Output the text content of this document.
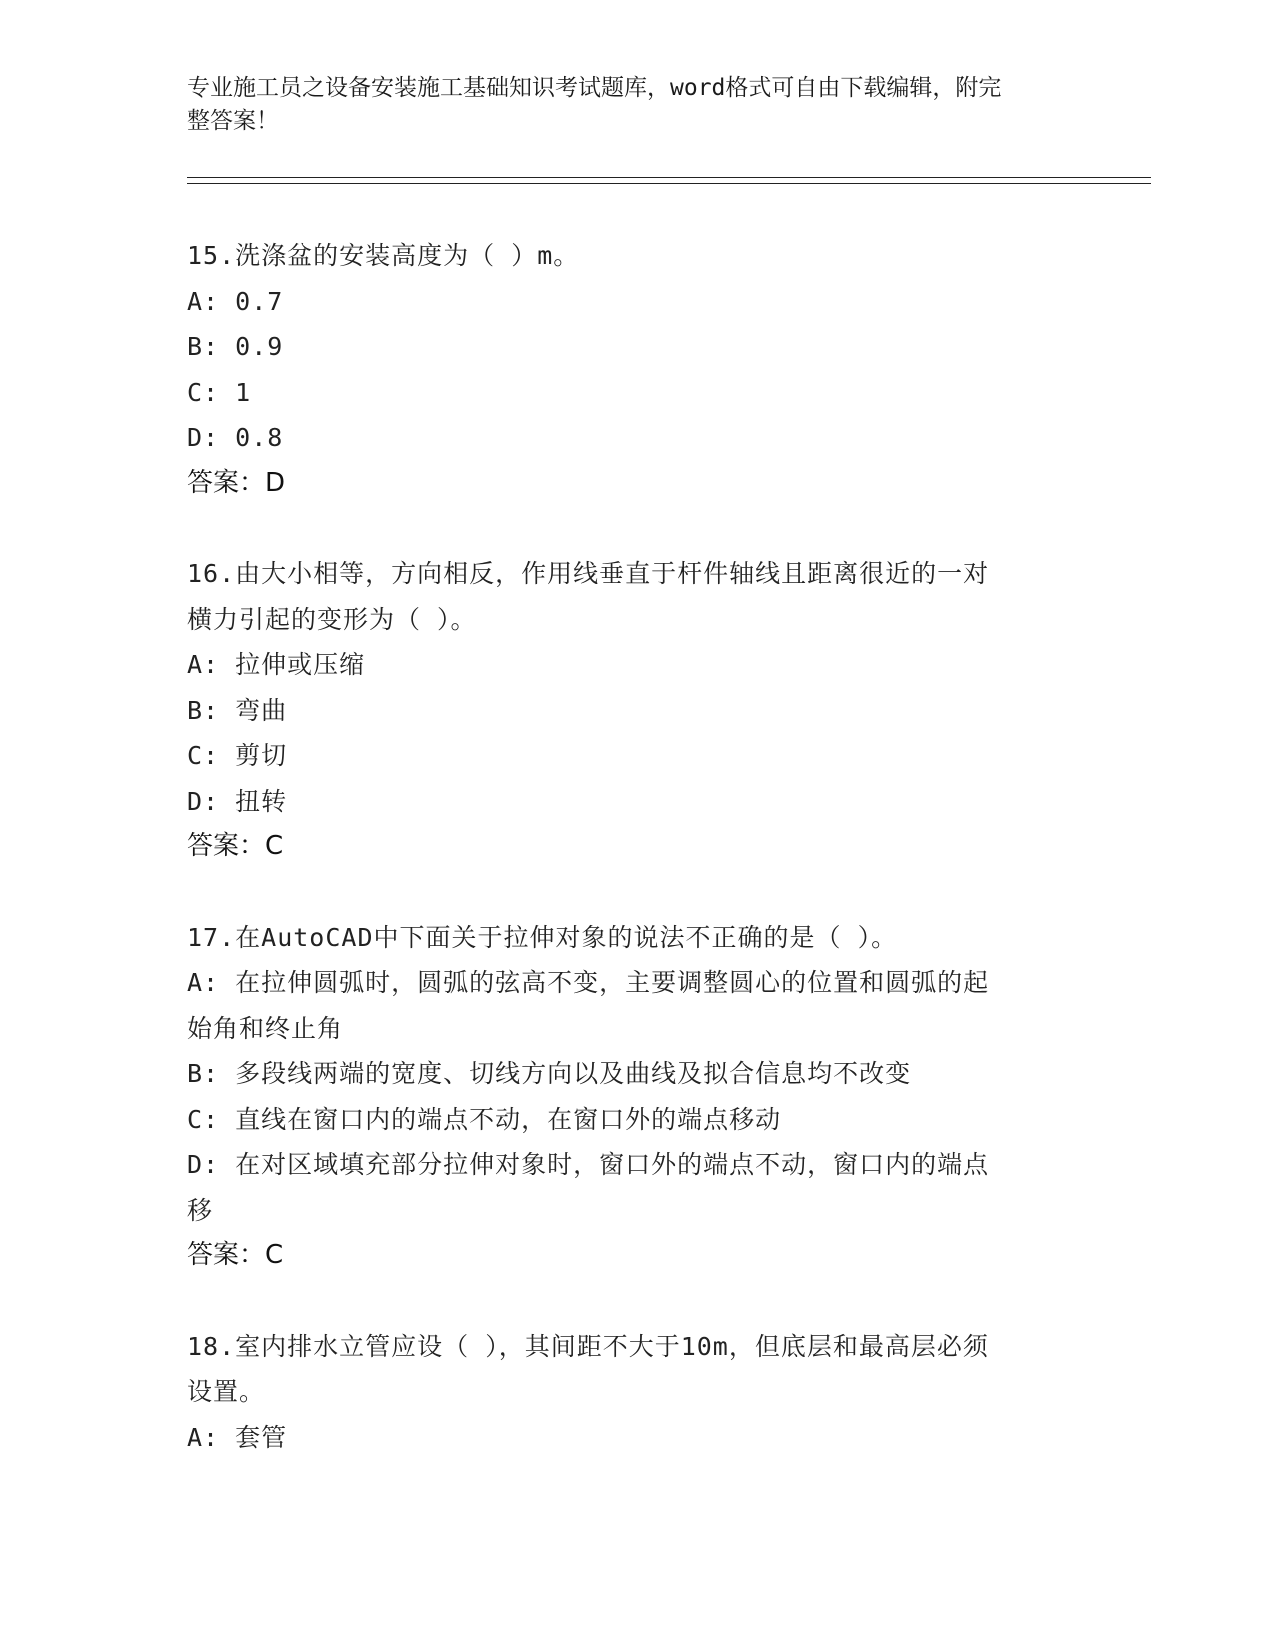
专业施工员之设备安装施工基础知识考试题库，word格式可自由下载编辑，附完
整答案！

15.洗涤盆的安装高度为（ ）m。

A: 0.7
B: 0.9
C: 1
D: 0.8

答案：D

16.由大小相等，方向相反，作用线垂直于杆件轴线且距离很近的一对

横力引起的变形为（ ）。

A: 拉伸或压缩
B: 弯曲
C: 剪切
D: 扭转

答案：C

17.在AutoCAD中下面关于拉伸对象的说法不正确的是（ ）。

A: 在拉伸圆弧时，圆弧的弦高不变，主要调整圆心的位置和圆弧的起
始角和终止角
B: 多段线两端的宽度、切线方向以及曲线及拟合信息均不改变
C: 直线在窗口内的端点不动，在窗口外的端点移动
D: 在对区域填充部分拉伸对象时，窗口外的端点不动，窗口内的端点
移

答案：C

18.室内排水立管应设（ ），其间距不大于10m，但底层和最高层必须

设置。

A: 套管
